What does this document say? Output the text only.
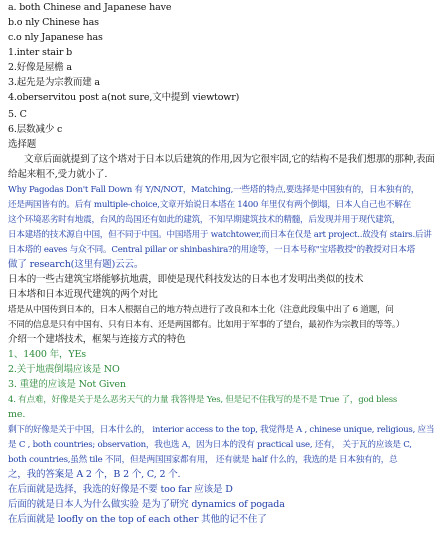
a. both Chinese and Japanese have
b.o nly Chinese has
c.o nly Japanese has
1.inter stair b
2.好像是屋檐 a
3.起先是为宗教而建 a
4.oberservitou post a(not sure,文中提到 viewtowr)
5. C
6.层数减少 c
选择题
文章后面就提到了这个塔对于日本以后建筑的作用,因为它很牢固,它的结构不是我们想那的那种,表面
给起来粗不,受力就小了.
Why Pagodas Don't Fall Down 有 Y/N/NOT，Matching,一些塔的特点,要选择是中国独有的，日本独有的，
还是两国皆有的。后有 multiple-choice,文章开始说日本塔在 1400 年里仅有两个倒塌，日本人自己也不解在
这个环境恶劣时有地震，台风的岛国还有如此的建筑，不知早期建筑技术的精髓，后发现并用于现代建筑，
日本建塔的技术源自中国，但不同于中国。中国塔用于 watchtower,而日本在仅是 art project..故没有 stairs.后讲
日本塔的 eaves 与众不同。Central pillar or shinbashira?的用途等，一日本号称"宝塔教授"的教授对日本塔
做了 research(这里有题)云云。
日本的一些古建筑宝塔能够抗地震，即使是现代科技发达的日本也才发明出类似的技术
日本塔和日本近现代建筑的两个对比
塔是从中国传到日本的，日本人根据自己的地方特点进行了改良和本土化（注意此段集中出了 6 道题，问
不同的信息是只有中国有、只有日本有、还是两国都有。比如用于军事的了望台，最初作为宗教目的等等。）
介绍一个建塔技术，框架与连接方式的特色
1、1400 年，YEs
2.关于地震倒塌应该是 NO
3. 重建的应该是 Not Given
4. 有点难，好像是关于是么恶劣天气的力量 我答得是 Yes, 但是记不住我写的是不是 True 了，god bless
me.
剩下的好像是关于中国，日本什么的， interior access to the top, 我觉得是 A , chinese unique, religious, 应当
是 C , both countries; observation，我也选 A，因为日本的没有 practical use, 还有， 关于瓦的应该是 C,
both countries,虽然 tile 不同，但是两国国家都有用， 还有就是 half 什么的，我选的是 日本独有的，总
之，我的答案是 A 2 个，B 2 个, C, 2 个.
在后面就是选择，我选的好像是不要 too far 应该是 D
后面的就是日本人为什么做实验 是为了研究 dynamics of pogada
在后面就是 loofly on the top of each other 其他的记不住了
